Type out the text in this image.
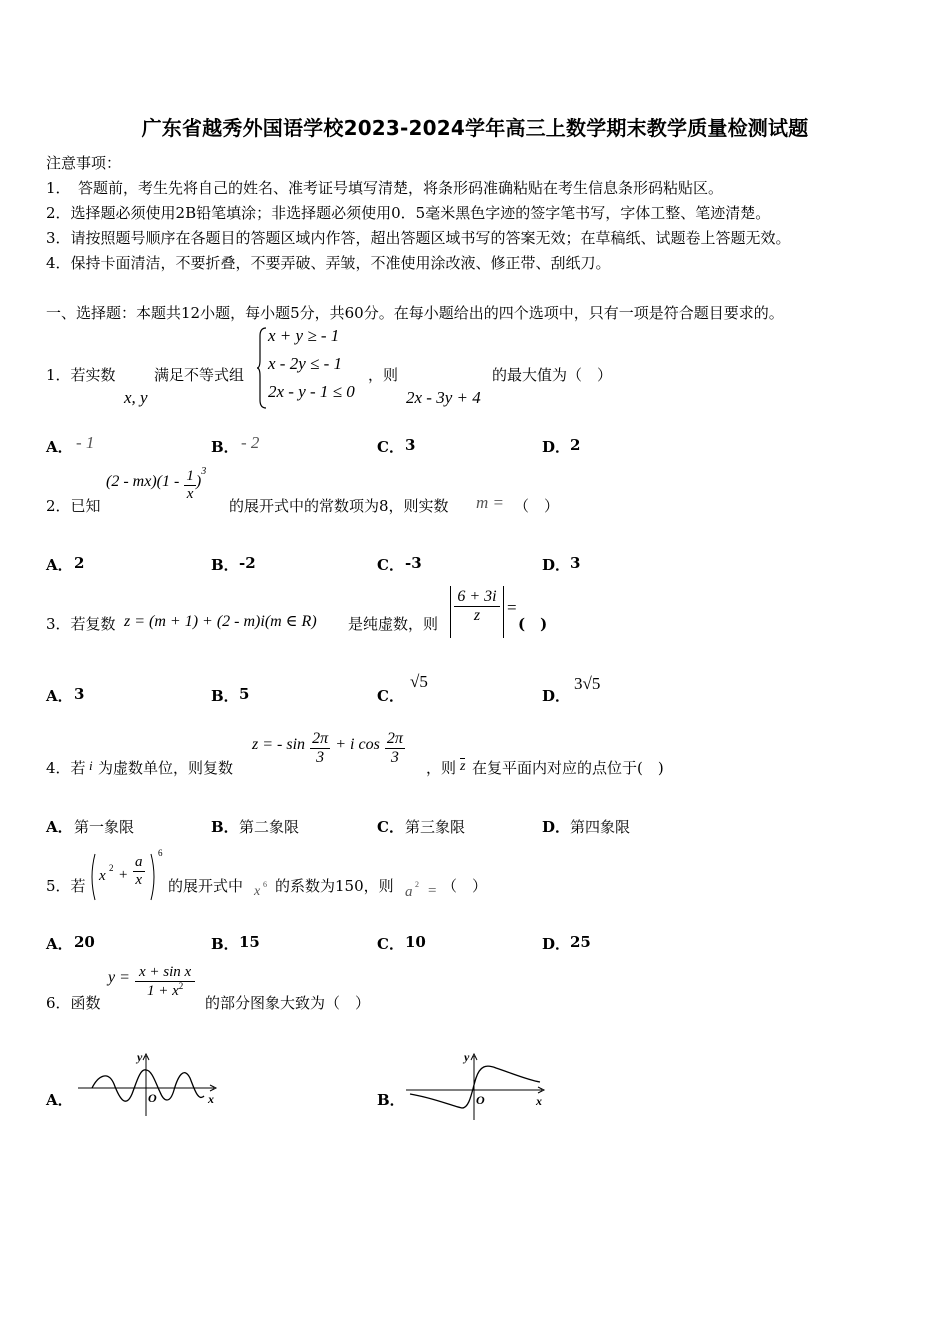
广东省越秀外国语学校2023-2024学年高三上数学期末教学质量检测试题
注意事项：
1．　答题前，考生先将自己的姓名、准考证号填写清楚，将条形码准确粘贴在考生信息条形码粘贴区。
2．选择题必须使用2B铅笔填涂；非选择题必须使用0．5毫米黑色字迹的签字笔书写，字体工整、笔迹清楚。
3．请按照题号顺序在各题目的答题区域内作答，超出答题区域书写的答案无效；在草稿纸、试题卷上答题无效。
4．保持卡面清洁，不要折叠，不要弄破、弄皱，不准使用涂改液、修正带、刮纸刀。
一、选择题：本题共12小题，每小题5分，共60分。在每小题给出的四个选项中，只有一项是符合题目要求的。
1．若实数	满足不等式组
x, y
x + y ≥ - 1
x - 2y ≤ - 1
2x - y - 1 ≤ 0
，则
2x - 3y + 4
的最大值为（　）
A． - 1	B． - 2	C． 3	D． 2
2．已知
$(2 - mx)(1 - \frac{1}{x} )^3$
的展开式中的常数项为8，则实数 m = （　）
A． 2	B． -2	C． -3	D． 3
3．若复数 z = (m + 1) + (2 - m)i(m ∈ R) 是纯虚数，则 $\frac{6 + 3i}{z}$ =
(　)
A． 3	B． 5	C．
√5
D．
3√5
4．若 i 为虚数单位，则复数
z = - $\sin \frac{2\pi}{3} + i$ $\cos \frac{2\pi}{3}$
，则 z 在复平面内对应的点位于(　)
A． 第一象限	B． 第二象限	C． 第三象限	D． 第四象限
5．若
x $2 + \frac{a}{x}$
6
的展开式中 x 6 的系数为150，则 a 2 = （　）
A． 20	B． 15	C． 10	D． 25
6．函数
$y = \frac{\text{x + sin x}}{1 + x^2}$
的部分图象大致为（　）
A．
y
O	x	B．
y
O	x
